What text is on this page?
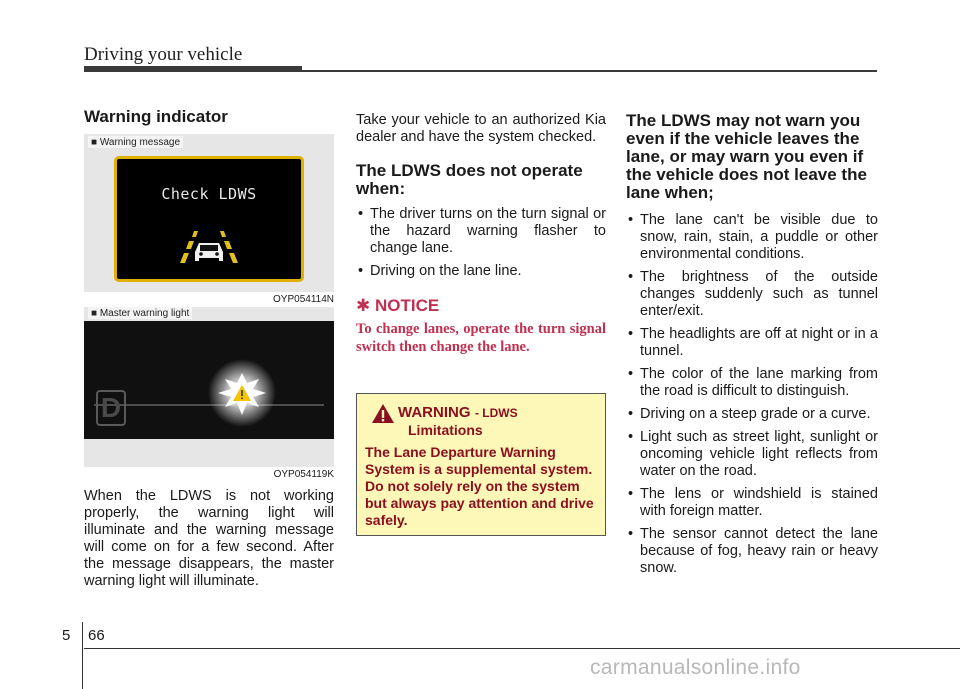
Driving your vehicle
Warning indicator
■ Warning message
Check LDWS
OYP054114N
■ Master warning light
D
OYP054119K

When the LDWS is not working properly, the warning light will illuminate and the warning message will come on for a few second. After the message disappears, the master warning light will illuminate.

Take your vehicle to an authorized Kia dealer and have the system checked.

The LDWS does not operate when:
• The driver turns on the turn signal or the hazard warning flasher to change lane.
• Driving on the lane line.
✱ NOTICE

To change lanes, operate the turn signal switch then change the lane.

WARNING - LDWS
Limitations
The Lane Departure Warning System is a supplemental system. Do not solely rely on the system but always pay attention and drive safely.
The LDWS may not warn you even if the vehicle leaves the lane, or may warn you even if the vehicle does not leave the lane when;
• The lane can't be visible due to snow, rain, stain, a puddle or other environmental conditions.
• The brightness of the outside changes suddenly such as tunnel enter/exit.
• The headlights are off at night or in a tunnel.
• The color of the lane marking from the road is difficult to distinguish.
• Driving on a steep grade or a curve.
• Light such as street light, sunlight or oncoming vehicle light reflects from water on the road.
• The lens or windshield is stained with foreign matter.
• The sensor cannot detect the lane because of fog, heavy rain or heavy snow.
5 66
carmanualsonline.info
